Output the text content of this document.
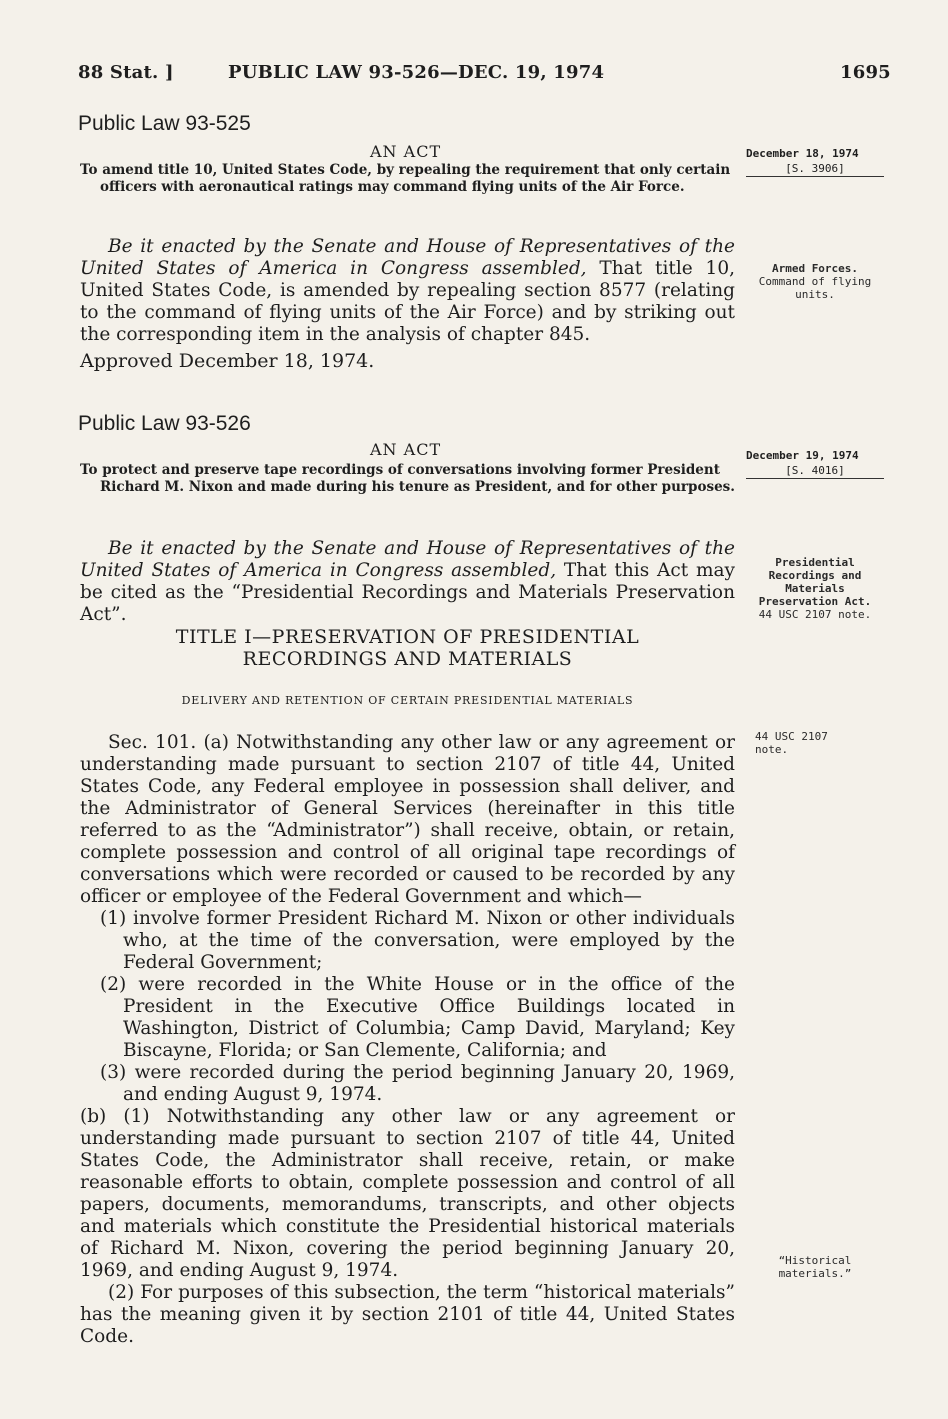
88 Stat. ]	PUBLIC LAW 93-526—DEC. 19, 1974	1695
Public Law 93-525
AN ACT	December 18, 1974
[S. 3906]
To amend title 10, United States Code, by repealing the requirement that only certain officers with aeronautical ratings may command flying units of the Air Force.
Be it enacted by the Senate and House of Representatives of the United States of America in Congress assembled, That title 10, United States Code, is amended by repealing section 8577 (relating to the command of flying units of the Air Force) and by striking out the corresponding item in the analysis of chapter 845.
Armed Forces.
Command of flying units.
Approved December 18, 1974.
Public Law 93-526
AN ACT	December 19, 1974
[S. 4016]
To protect and preserve tape recordings of conversations involving former President Richard M. Nixon and made during his tenure as President, and for other purposes.
Be it enacted by the Senate and House of Representatives of the United States of America in Congress assembled, That this Act may be cited as the “Presidential Recordings and Materials Preservation Act”.
Presidential Recordings and Materials Preservation Act.
44 USC 2107 note.
TITLE I—PRESERVATION OF PRESIDENTIAL
RECORDINGS AND MATERIALS
DELIVERY AND RETENTION OF CERTAIN PRESIDENTIAL MATERIALS
44 USC 2107 note.
Sec. 101. (a) Notwithstanding any other law or any agreement or understanding made pursuant to section 2107 of title 44, United States Code, any Federal employee in possession shall deliver, and the Administrator of General Services (hereinafter in this title referred to as the “Administrator”) shall receive, obtain, or retain, complete possession and control of all original tape recordings of conversations which were recorded or caused to be recorded by any officer or employee of the Federal Government and which—
(1) involve former President Richard M. Nixon or other individuals who, at the time of the conversation, were employed by the Federal Government;
(2) were recorded in the White House or in the office of the President in the Executive Office Buildings located in Washington, District of Columbia; Camp David, Maryland; Key Biscayne, Florida; or San Clemente, California; and
(3) were recorded during the period beginning January 20, 1969, and ending August 9, 1974.
(b) (1) Notwithstanding any other law or any agreement or understanding made pursuant to section 2107 of title 44, United States Code, the Administrator shall receive, retain, or make reasonable efforts to obtain, complete possession and control of all papers, documents, memorandums, transcripts, and other objects and materials which constitute the Presidential historical materials of Richard M. Nixon, covering the period beginning January 20, 1969, and ending August 9, 1974.
(2) For purposes of this subsection, the term “historical materials” has the meaning given it by section 2101 of title 44, United States Code.
“Historical materials.”
